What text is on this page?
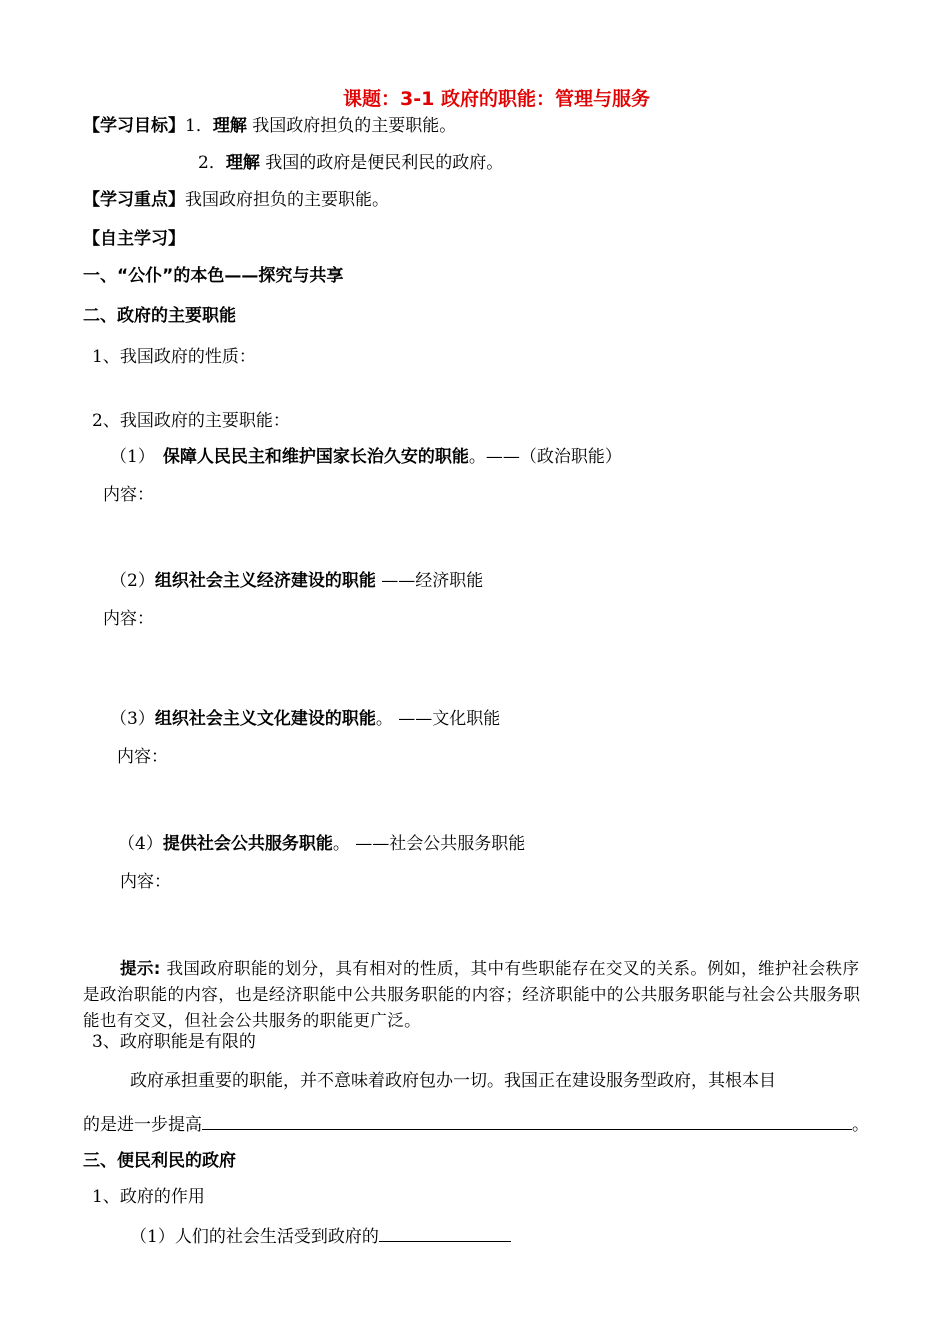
课题：3-1 政府的职能：管理与服务
【学习目标】1．理解 我国政府担负的主要职能。
2．理解 我国的政府是便民利民的政府。
【学习重点】我国政府担负的主要职能。
【自主学习】
一、“公仆”的本色——探究与共享
二、政府的主要职能
1、我国政府的性质：
2、我国政府的主要职能：
（1） 保障人民民主和维护国家长治久安的职能。——（政治职能）
内容：
（2）组织社会主义经济建设的职能 ——经济职能
内容：
（3）组织社会主义文化建设的职能。 ——文化职能
内容：
（4）提供社会公共服务职能。 ——社会公共服务职能
内容：
提示: 我国政府职能的划分，具有相对的性质，其中有些职能存在交叉的关系。例如，维护社会秩序是政治职能的内容，也是经济职能中公共服务职能的内容；经济职能中的公共服务职能与社会公共服务职能也有交叉，但社会公共服务的职能更广泛。
3、政府职能是有限的
政府承担重要的职能，并不意味着政府包办一切。我国正在建设服务型政府，其根本目
的是进一步提高	。
三、便民利民的政府
1、政府的作用
（1）人们的社会生活受到政府的
